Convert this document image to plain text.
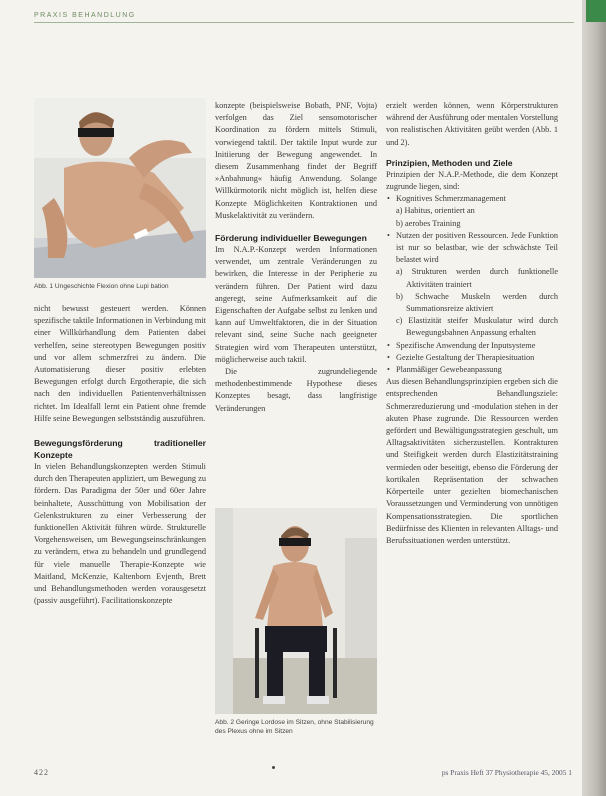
PRAXIS BEHANDLUNG
Abb. 1 Ungeschichte Flexion ohne Lupi bation

nicht bewusst gesteuert werden. Können spezifische taktile Informationen in Verbindung mit einer Willkürhandlung dem Patienten dabei verhelfen, seine stereotypen Bewegungen positiv und vor allem schmerzfrei zu ändern. Die Automatisierung dieser positiv erlebten Bewegungen erfolgt durch Ergotherapie, die sich nach den individuellen Patientenverhältnissen richtet. Im Idealfall lernt ein Patient ohne fremde Hilfe seine Bewegungen selbstständig auszuführen.

Bewegungsförderung traditioneller Konzepte

In vielen Behandlungskonzepten werden Stimuli durch den Therapeuten appliziert, um Bewegung zu fördern. Das Paradigma der 50er und 60er Jahre beinhaltete, Ausschüttung von Mobilisation der Gelenkstrukturen zu einer Verbesserung der funktionellen Aktivität führen würde. Strukturelle Vorgehensweisen, um Bewegungseinschränkungen zu verändern, etwa zu behandeln und grundlegend für viele manuelle Therapie-Konzepte wie Maitland, McKenzie, Kaltenborn Evjenth, Brett und Behandlungsmethoden werden vorausgesetzt (passiv ausgeführt). Facilitationskonzepte

konzepte (beispielsweise Bobath, PNF, Vojta) verfolgen das Ziel sensomotorischer Koordination zu fördern mittels Stimuli, vorwiegend taktil. Der taktile Input wurde zur Initiierung der Bewegung angewendet. In diesem Zusammenhang findet der Begriff »Anbahnung« häufig Anwendung. Solange Willkürmotorik nicht möglich ist, helfen diese Konzepte Möglichkeiten Kontraktionen und Muskelaktivität zu verändern.

Förderung individueller Bewegungen

Im N.A.P.-Konzept werden Informationen verwendet, um zentrale Veränderungen zu bewirken, die Interesse in der Peripherie zu verändern führen. Der Patient wird dazu angeregt, seine Aufmerksamkeit auf die Eigenschaften der Aufgabe selbst zu lenken und kann auf Umweltfaktoren, die in der Situation relevant sind, seine Suche nach geeigneter Strategien wird vom Therapeuten unterstützt, möglicherweise auch taktil.

Die zugrundeliegende methodenbestimmende Hypothese dieses Konzeptes besagt, dass langfristige Veränderungen

Abb. 2 Geringe Lordose im Sitzen, ohne Stabilisierung des Plexus ohne im Sitzen

erzielt werden können, wenn Körperstrukturen während der Ausführung oder mentalen Vorstellung von realistischen Aktivitäten geübt werden (Abb. 1 und 2).

Prinzipien, Methoden und Ziele

Prinzipien der N.A.P.-Methode, die dem Konzept zugrunde liegen, sind:

• Kognitives Schmerzmanagement
a) Habitus, orientiert an
b) aerobes Training
• Nutzen der positiven Ressourcen. Jede Funktion ist nur so belastbar, wie der schwächste Teil belastet wird
a) Strukturen werden durch funktionelle Aktivitäten trainiert
b) Schwache Muskeln werden durch Summationsreize aktiviert
c) Elastizität steifer Muskulatur wird durch Bewegungsbahnen Anpassung erhalten
• Spezifische Anwendung der Inputsysteme
• Gezielte Gestaltung der Therapiesituation
• Planmäßiger Gewebeanpassung

Aus diesen Behandlungsprinzipien ergeben sich die entsprechenden Behandlungsziele: Schmerzreduzierung und -modulation stehen in der akuten Phase zugrunde. Die Ressourcen werden gefördert und Bewältigungsstrategien geschult, um Alltagsaktivitäten sicherzustellen. Kontrakturen und Steifigkeit werden durch Elastizitätstraining vermieden oder beseitigt, ebenso die Förderung der kortikalen Repräsentation der schwachen Körperteile unter gezielten biomechanischen Voraussetzungen und Verminderung von unnötigen Kompensationsstrategien. Die sportlichen Bedürfnisse des Klienten in relevanten Alltags- und Berufssituationen werden unterstützt.

422	ps Praxis Heft 37 Physiotherapie 45, 2005 1
